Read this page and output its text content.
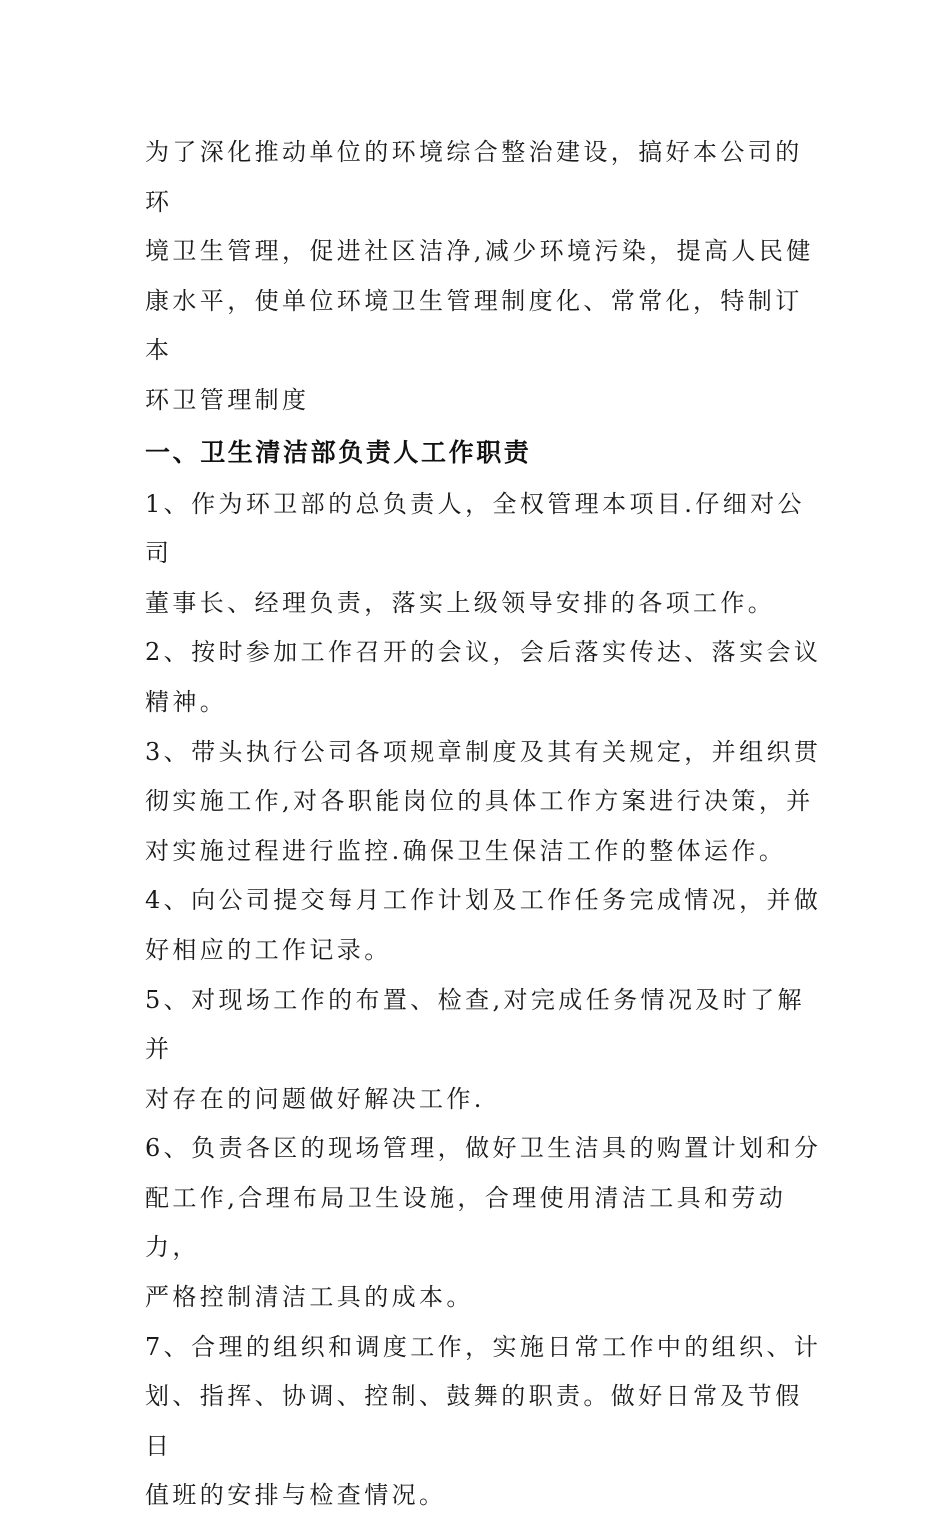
为了深化推动单位的环境综合整治建设，搞好本公司的环
境卫生管理，促进社区洁净,减少环境污染，提高人民健
康水平，使单位环境卫生管理制度化、常常化，特制订本
环卫管理制度

一、卫生清洁部负责人工作职责

1、作为环卫部的总负责人，全权管理本项目.仔细对公司
董事长、经理负责，落实上级领导安排的各项工作。

2、按时参加工作召开的会议，会后落实传达、落实会议
精神。

3、带头执行公司各项规章制度及其有关规定，并组织贯
彻实施工作,对各职能岗位的具体工作方案进行决策，并
对实施过程进行监控.确保卫生保洁工作的整体运作。

4、向公司提交每月工作计划及工作任务完成情况，并做
好相应的工作记录。

5、对现场工作的布置、检查,对完成任务情况及时了解并
对存在的问题做好解决工作.

6、负责各区的现场管理，做好卫生洁具的购置计划和分
配工作,合理布局卫生设施，合理使用清洁工具和劳动力，
严格控制清洁工具的成本。

7、合理的组织和调度工作，实施日常工作中的组织、计
划、指挥、协调、控制、鼓舞的职责。做好日常及节假日
值班的安排与检查情况。
